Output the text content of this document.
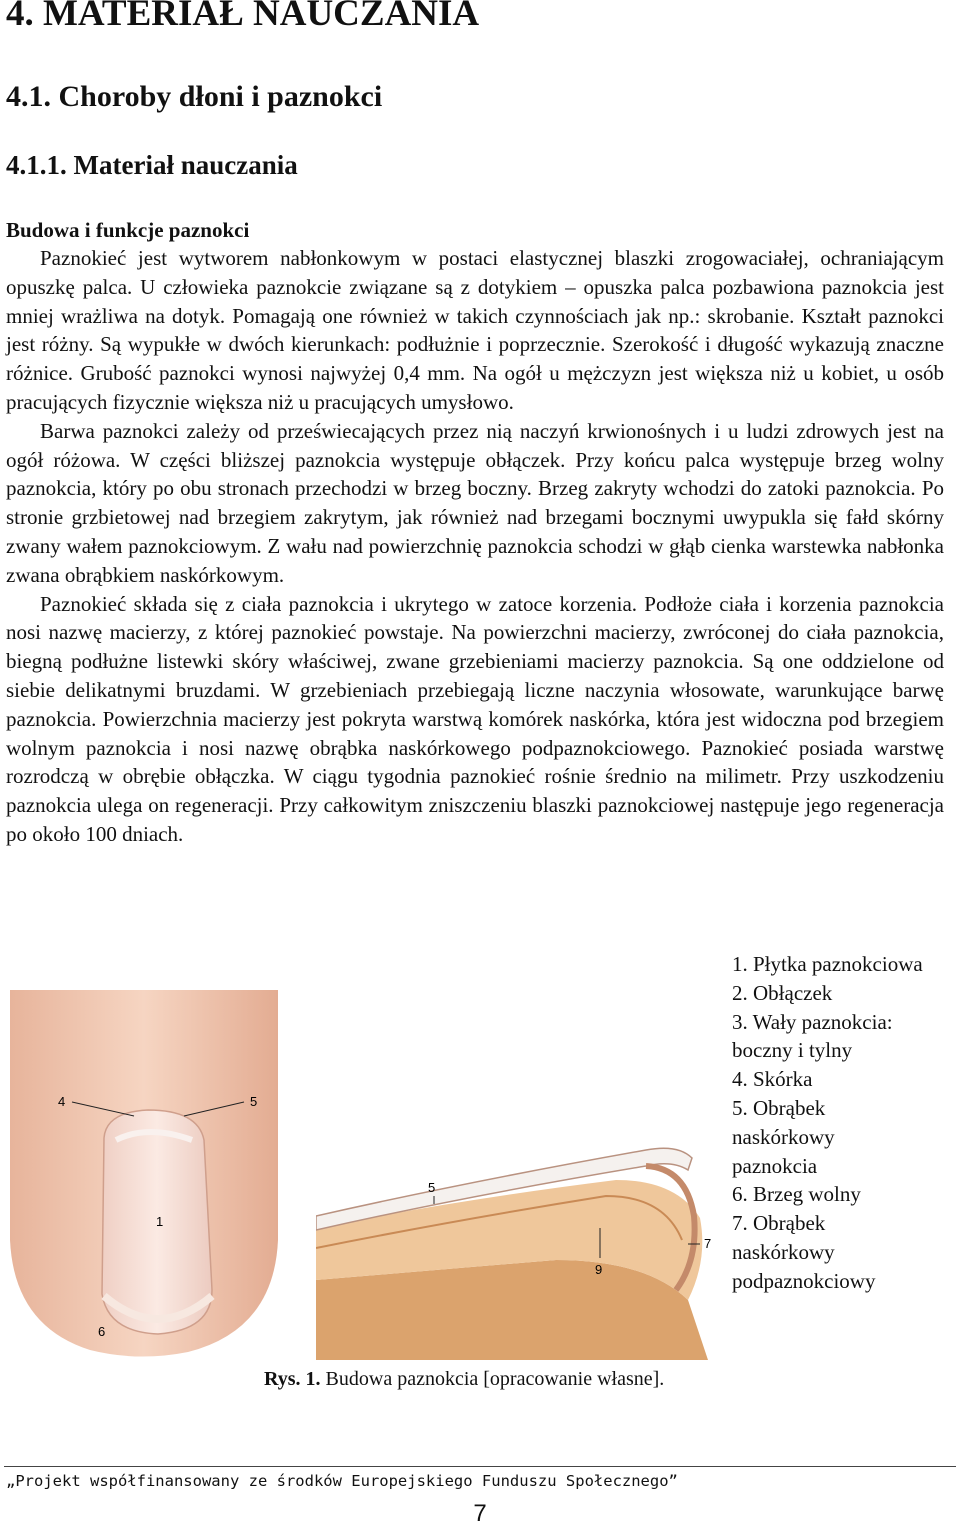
4. MATERIAŁ NAUCZANIA
4.1. Choroby dłoni i paznokci
4.1.1. Materiał nauczania
Budowa i funkcje paznokci

Paznokieć jest wytworem nabłonkowym w postaci elastycznej blaszki zrogowaciałej, ochraniającym opuszkę palca. U człowieka paznokcie związane są z dotykiem – opuszka palca pozbawiona paznokcia jest mniej wrażliwa na dotyk. Pomagają one również w takich czynnościach jak np.: skrobanie. Kształt paznokci jest różny. Są wypukłe w dwóch kierunkach: podłużnie i poprzecznie. Szerokość i długość wykazują znaczne różnice. Grubość paznokci wynosi najwyżej 0,4 mm. Na ogół u mężczyzn jest większa niż u kobiet, u osób pracujących fizycznie większa niż u pracujących umysłowo.

Barwa paznokci zależy od przeświecających przez nią naczyń krwionośnych i u ludzi zdrowych jest na ogół różowa. W części bliższej paznokcia występuje obłączek. Przy końcu palca występuje brzeg wolny paznokcia, który po obu stronach przechodzi w brzeg boczny. Brzeg zakryty wchodzi do zatoki paznokcia. Po stronie grzbietowej nad brzegiem zakrytym, jak również nad brzegami bocznymi uwypukla się fałd skórny zwany wałem paznokciowym. Z wału nad powierzchnię paznokcia schodzi w głąb cienka warstewka nabłonka zwana obrąbkiem naskórkowym.

Paznokieć składa się z ciała paznokcia i ukrytego w zatoce korzenia. Podłoże ciała i korzenia paznokcia nosi nazwę macierzy, z której paznokieć powstaje. Na powierzchni macierzy, zwróconej do ciała paznokcia, biegną podłużne listewki skóry właściwej, zwane grzebieniami macierzy paznokcia. Są one oddzielone od siebie delikatnymi bruzdami. W grzebieniach przebiegają liczne naczynia włosowate, warunkujące barwę paznokcia. Powierzchnia macierzy jest pokryta warstwą komórek naskórka, która jest widoczna pod brzegiem wolnym paznokcia i nosi nazwę obrąbka naskórkowego podpaznokciowego. Paznokieć posiada warstwę rozrodczą w obrębie obłączka. W ciągu tygodnia paznokieć rośnie średnio na milimetr. Przy uszkodzeniu paznokcia ulega on regeneracji. Przy całkowitym zniszczeniu blaszki paznokciowej następuje jego regeneracja po około 100 dniach.

1. Płytka paznokciowa
2. Obłączek
3. Wały paznokcia:
boczny i tylny
4. Skórka
5. Obrąbek
naskórkowy
paznokcia
6. Brzeg wolny
7. Obrąbek
naskórkowy
podpaznokciowy
4	5
1
6
5
7
9
Rys. 1. Budowa paznokcia [opracowanie własne].
„Projekt współfinansowany ze środków Europejskiego Funduszu Społecznego”
7
